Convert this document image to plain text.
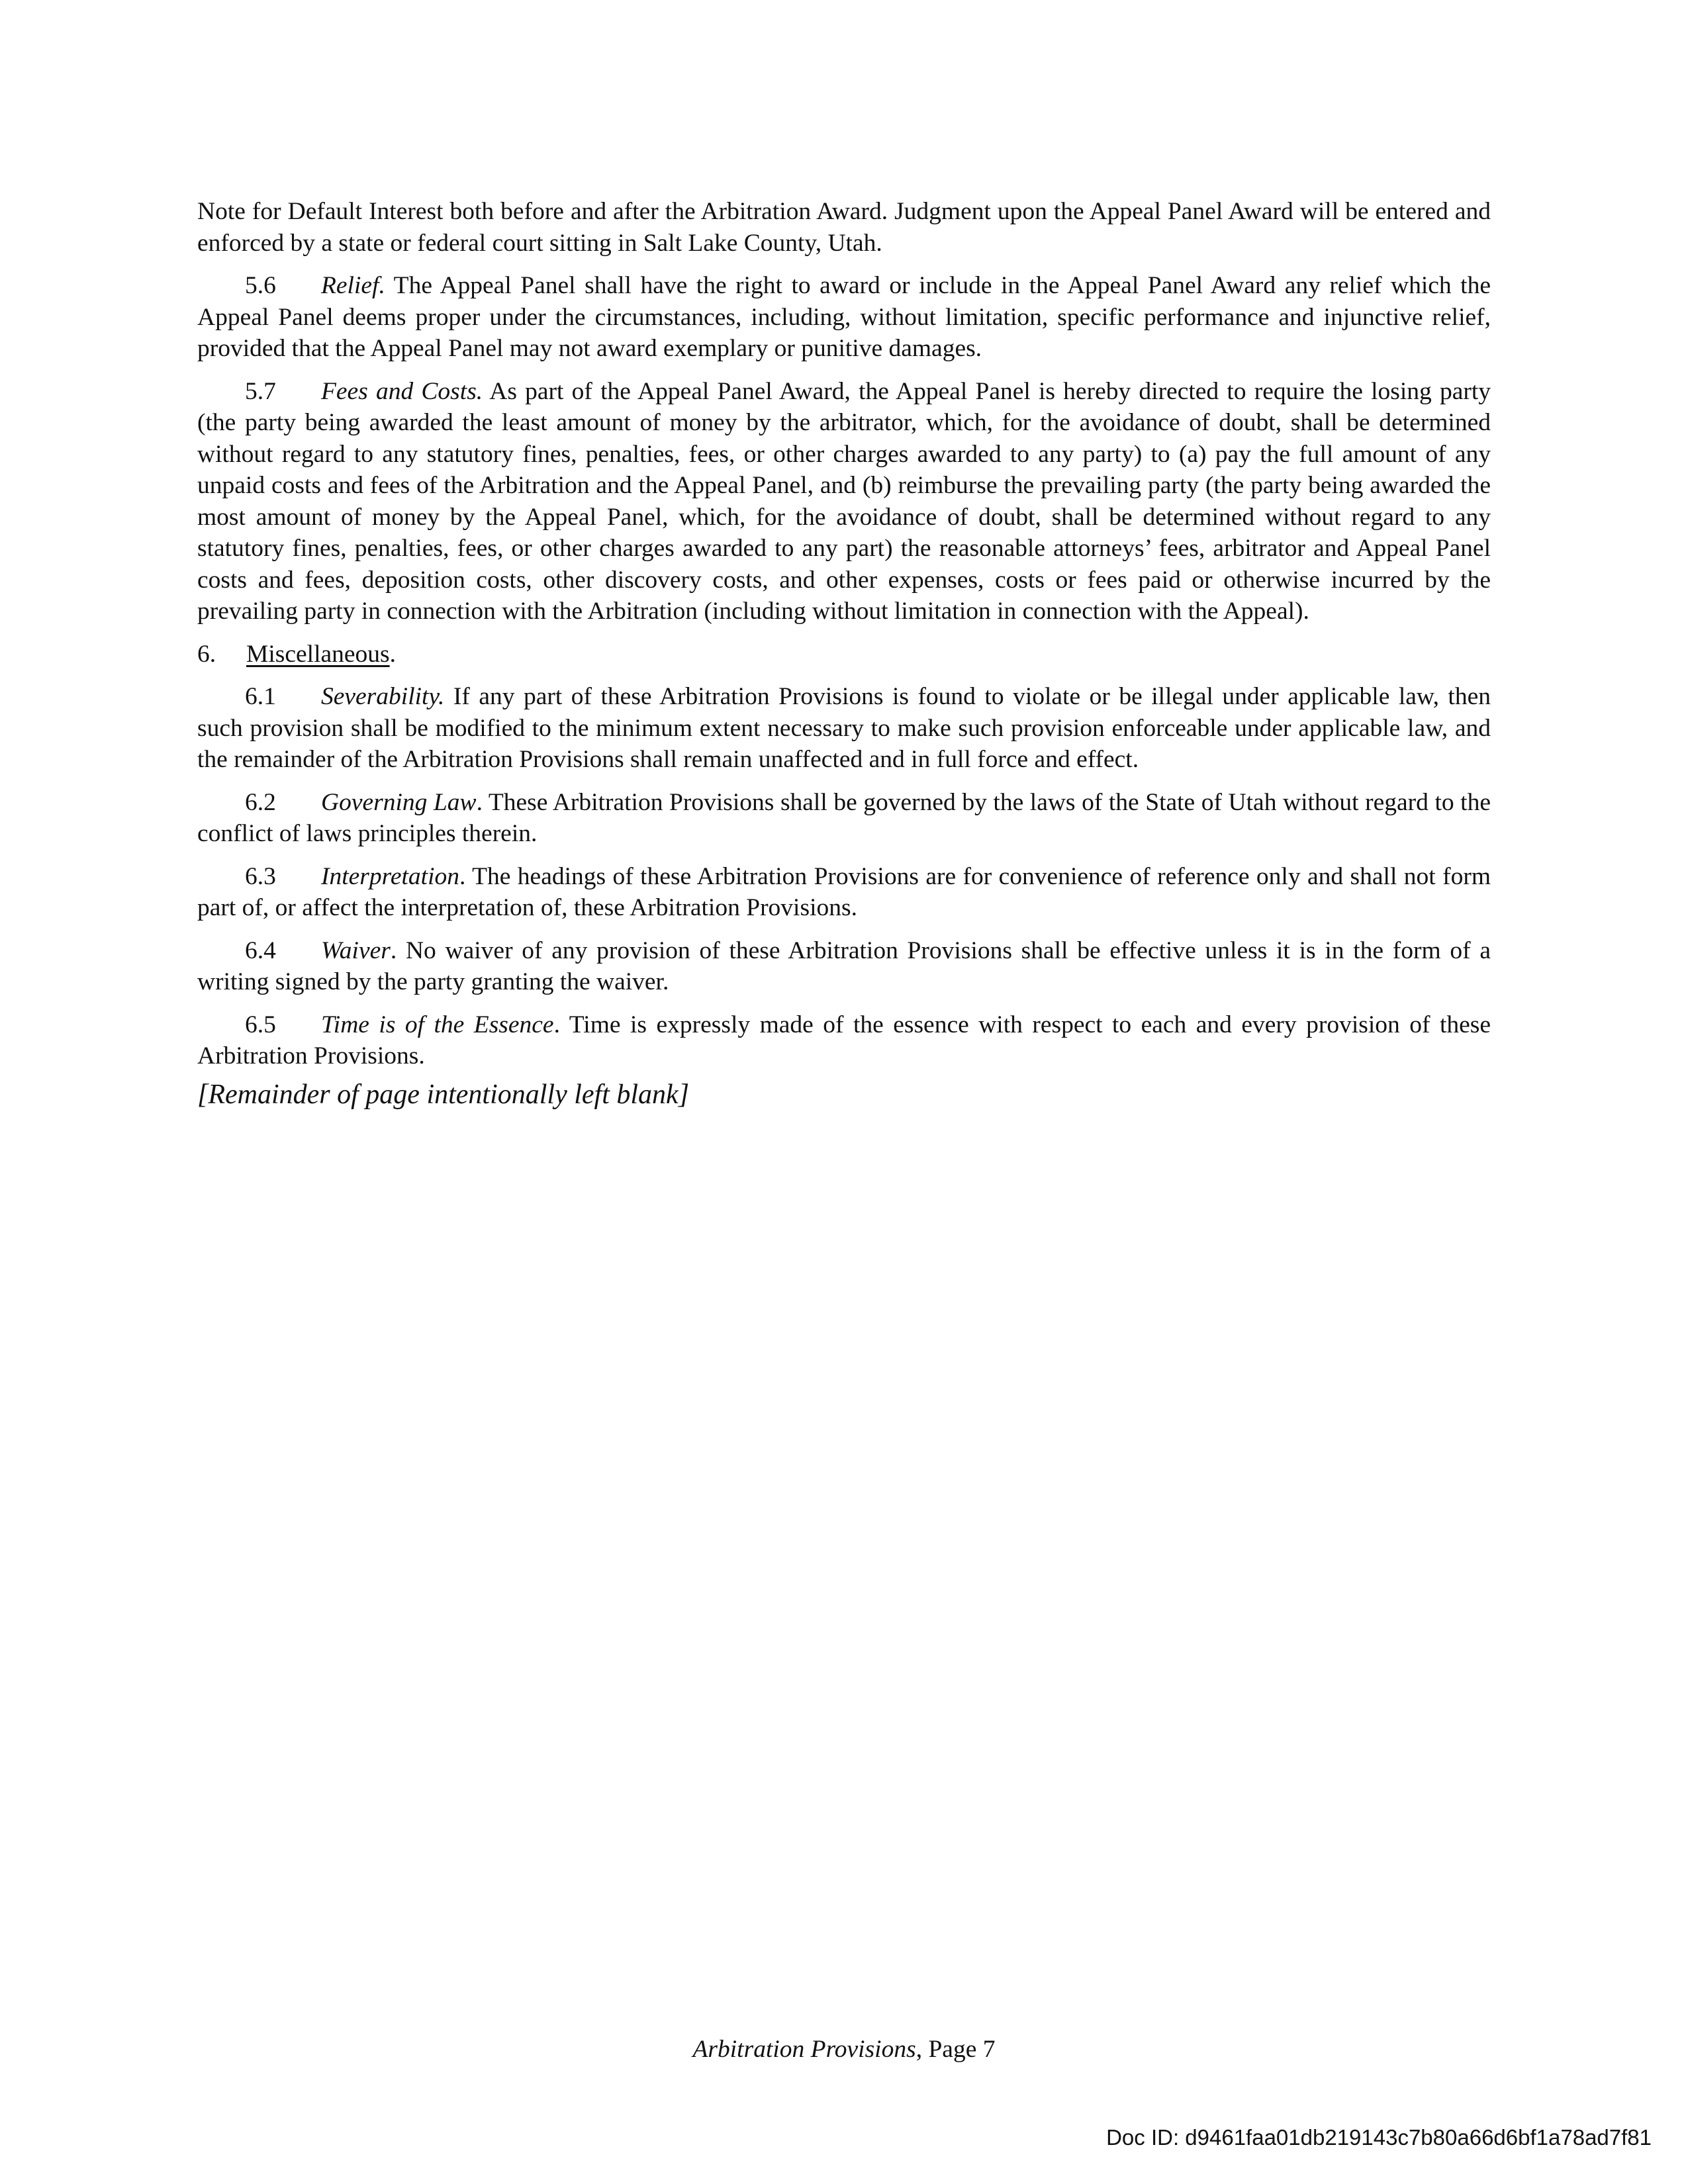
Note for Default Interest both before and after the Arbitration Award. Judgment upon the Appeal Panel Award will be entered and enforced by a state or federal court sitting in Salt Lake County, Utah.

5.6 Relief. The Appeal Panel shall have the right to award or include in the Appeal Panel Award any relief which the Appeal Panel deems proper under the circumstances, including, without limitation, specific performance and injunctive relief, provided that the Appeal Panel may not award exemplary or punitive damages.

5.7 Fees and Costs. As part of the Appeal Panel Award, the Appeal Panel is hereby directed to require the losing party (the party being awarded the least amount of money by the arbitrator, which, for the avoidance of doubt, shall be determined without regard to any statutory fines, penalties, fees, or other charges awarded to any party) to (a) pay the full amount of any unpaid costs and fees of the Arbitration and the Appeal Panel, and (b) reimburse the prevailing party (the party being awarded the most amount of money by the Appeal Panel, which, for the avoidance of doubt, shall be determined without regard to any statutory fines, penalties, fees, or other charges awarded to any part) the reasonable attorneys’ fees, arbitrator and Appeal Panel costs and fees, deposition costs, other discovery costs, and other expenses, costs or fees paid or otherwise incurred by the prevailing party in connection with the Arbitration (including without limitation in connection with the Appeal).

6. Miscellaneous.

6.1 Severability. If any part of these Arbitration Provisions is found to violate or be illegal under applicable law, then such provision shall be modified to the minimum extent necessary to make such provision enforceable under applicable law, and the remainder of the Arbitration Provisions shall remain unaffected and in full force and effect.

6.2 Governing Law. These Arbitration Provisions shall be governed by the laws of the State of Utah without regard to the conflict of laws principles therein.

6.3 Interpretation. The headings of these Arbitration Provisions are for convenience of reference only and shall not form part of, or affect the interpretation of, these Arbitration Provisions.

6.4 Waiver. No waiver of any provision of these Arbitration Provisions shall be effective unless it is in the form of a writing signed by the party granting the waiver.

6.5 Time is of the Essence. Time is expressly made of the essence with respect to each and every provision of these Arbitration Provisions.

[Remainder of page intentionally left blank]

Arbitration Provisions, Page 7
Doc ID: d9461faa01db219143c7b80a66d6bf1a78ad7f81
